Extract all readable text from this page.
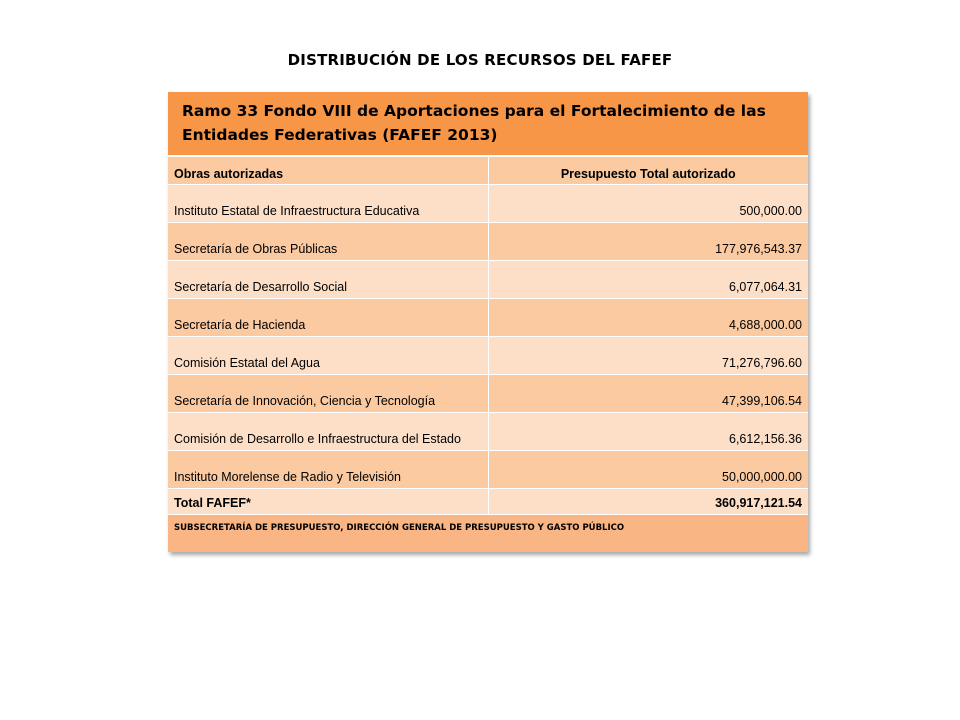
DISTRIBUCIÓN DE LOS RECURSOS DEL FAFEF
Ramo 33 Fondo VIII de Aportaciones para el Fortalecimiento de las Entidades Federativas (FAFEF 2013)	
Obras autorizadas	Presupuesto Total autorizado
Instituto Estatal de Infraestructura Educativa	500,000.00
Secretaría de Obras Públicas	177,976,543.37
Secretaría de Desarrollo Social	6,077,064.31
Secretaría de Hacienda	4,688,000.00
Comisión Estatal del Agua	71,276,796.60
Secretaría de Innovación, Ciencia y Tecnología	47,399,106.54
Comisión de Desarrollo e Infraestructura del Estado	6,612,156.36
Instituto Morelense de Radio y Televisión	50,000,000.00
Total FAFEF*	360,917,121.54
SUBSECRETARÍA DE PRESUPUESTO, DIRECCIÓN GENERAL DE PRESUPUESTO Y GASTO PÚBLICO	
